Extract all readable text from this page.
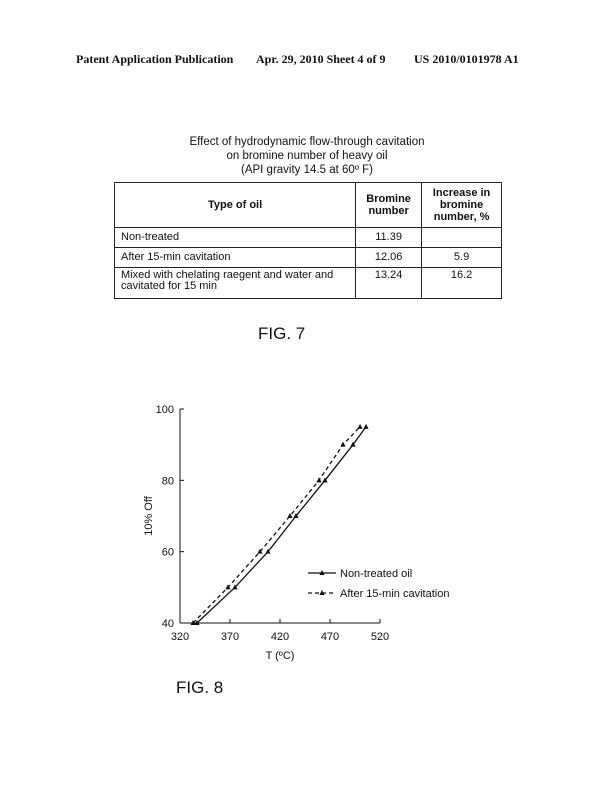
Patent Application Publication Apr. 29, 2010 Sheet 4 of 9 US 2010/0101978 A1
Effect of hydrodynamic flow-through cavitation
on bromine number of heavy oil
(API gravity 14.5 at 60º F)
Type of oil	Bromine number	Increase in bromine number, %
Non-treated	11.39	
After 15-min cavitation	12.06	5.9
Mixed with chelating raegent and water and cavitated for 15 min	13.24	16.2
FIG. 7
320	370	420	470	520
40
60
80
100
T (ºC)
10% Off
Non-treated oil
After 15-min cavitation
FIG. 8
